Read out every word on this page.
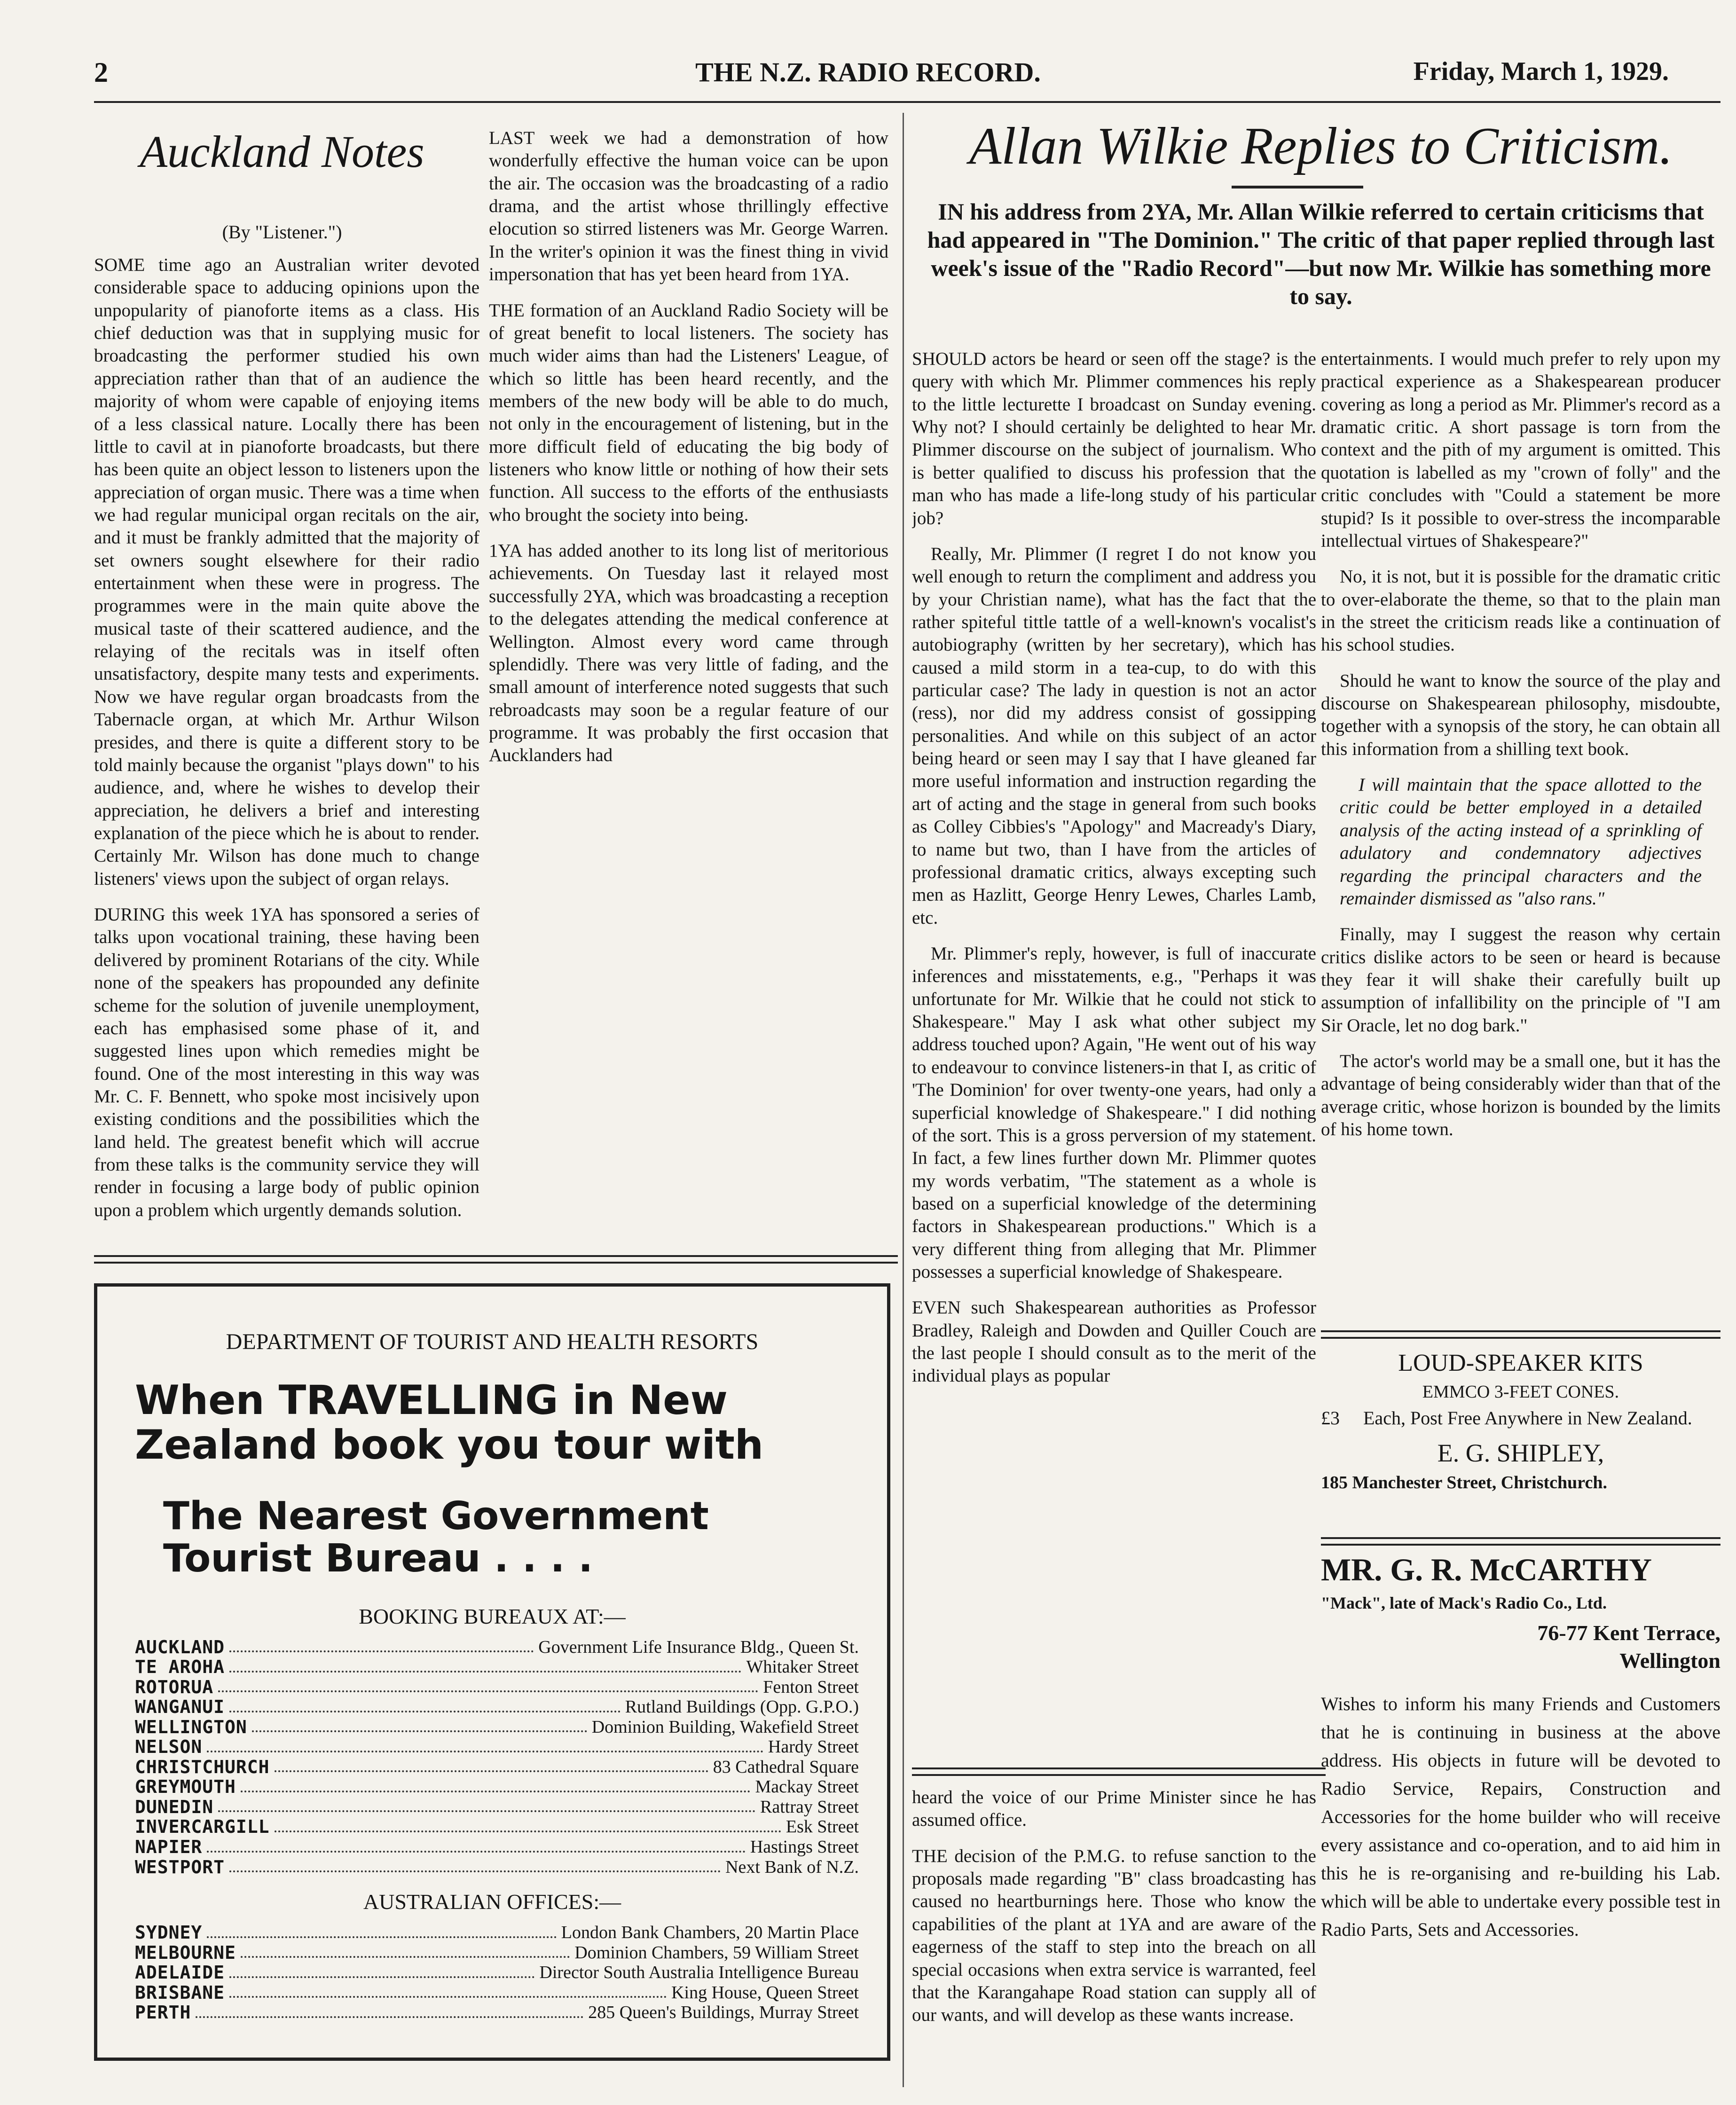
2	THE N.Z. RADIO RECORD.	Friday, March 1, 1929.
Auckland Notes
(By "Listener.")

SOME time ago an Australian writer devoted considerable space to adducing opinions upon the unpopularity of pianoforte items as a class. His chief deduction was that in supplying music for broadcasting the performer studied his own appreciation rather than that of an audience the majority of whom were capable of enjoying items of a less classical nature. Locally there has been little to cavil at in pianoforte broadcasts, but there has been quite an object lesson to listeners upon the appreciation of organ music. There was a time when we had regular municipal organ recitals on the air, and it must be frankly admitted that the majority of set owners sought elsewhere for their radio entertainment when these were in progress. The programmes were in the main quite above the musical taste of their scattered audience, and the relaying of the recitals was in itself often unsatisfactory, despite many tests and experiments. Now we have regular organ broadcasts from the Tabernacle organ, at which Mr. Arthur Wilson presides, and there is quite a different story to be told mainly because the organist "plays down" to his audience, and, where he wishes to develop their appreciation, he delivers a brief and interesting explanation of the piece which he is about to render. Certainly Mr. Wilson has done much to change listeners' views upon the subject of organ relays.

DURING this week 1YA has sponsored a series of talks upon vocational training, these having been delivered by prominent Rotarians of the city. While none of the speakers has propounded any definite scheme for the solution of juvenile unemployment, each has emphasised some phase of it, and suggested lines upon which remedies might be found. One of the most interesting in this way was Mr. C. F. Bennett, who spoke most incisively upon existing conditions and the possibilities which the land held. The greatest benefit which will accrue from these talks is the community service they will render in focusing a large body of public opinion upon a problem which urgently demands solution.

LAST week we had a demonstration of how wonderfully effective the human voice can be upon the air. The occasion was the broadcasting of a radio drama, and the artist whose thrillingly effective elocution so stirred listeners was Mr. George Warren. In the writer's opinion it was the finest thing in vivid impersonation that has yet been heard from 1YA.

THE formation of an Auckland Radio Society will be of great benefit to local listeners. The society has much wider aims than had the Listeners' League, of which so little has been heard recently, and the members of the new body will be able to do much, not only in the encouragement of listening, but in the more difficult field of educating the big body of listeners who know little or nothing of how their sets function. All success to the efforts of the enthusiasts who brought the society into being.

1YA has added another to its long list of meritorious achievements. On Tuesday last it relayed most successfully 2YA, which was broadcasting a reception to the delegates attending the medical conference at Wellington. Almost every word came through splendidly. There was very little of fading, and the small amount of interference noted suggests that such rebroadcasts may soon be a regular feature of our programme. It was probably the first occasion that Aucklanders had

Allan Wilkie Replies to Criticism.
IN his address from 2YA, Mr. Allan Wilkie referred to certain criticisms that had appeared in "The Dominion." The critic of that paper replied through last week's issue of the "Radio Record"—but now Mr. Wilkie has something more to say.

SHOULD actors be heard or seen off the stage? is the query with which Mr. Plimmer commences his reply to the little lecturette I broadcast on Sunday evening. Why not? I should certainly be delighted to hear Mr. Plimmer discourse on the subject of journalism. Who is better qualified to discuss his profession that the man who has made a life-long study of his particular job?

Really, Mr. Plimmer (I regret I do not know you well enough to return the compliment and address you by your Christian name), what has the fact that the rather spiteful tittle tattle of a well-known's vocalist's autobiography (written by her secretary), which has caused a mild storm in a tea-cup, to do with this particular case? The lady in question is not an actor (ress), nor did my address consist of gossipping personalities. And while on this subject of an actor being heard or seen may I say that I have gleaned far more useful information and instruction regarding the art of acting and the stage in general from such books as Colley Cibbies's "Apology" and Macready's Diary, to name but two, than I have from the articles of professional dramatic critics, always excepting such men as Hazlitt, George Henry Lewes, Charles Lamb, etc.

Mr. Plimmer's reply, however, is full of inaccurate inferences and misstatements, e.g., "Perhaps it was unfortunate for Mr. Wilkie that he could not stick to Shakespeare." May I ask what other subject my address touched upon? Again, "He went out of his way to endeavour to convince listeners-in that I, as critic of 'The Dominion' for over twenty-one years, had only a superficial knowledge of Shakespeare." I did nothing of the sort. This is a gross perversion of my statement. In fact, a few lines further down Mr. Plimmer quotes my words verbatim, "The statement as a whole is based on a superficial knowledge of the determining factors in Shakespearean productions." Which is a very different thing from alleging that Mr. Plimmer possesses a superficial knowledge of Shakespeare.

EVEN such Shakespearean authorities as Professor Bradley, Raleigh and Dowden and Quiller Couch are the last people I should consult as to the merit of the individual plays as popular

entertainments. I would much prefer to rely upon my practical experience as a Shakespearean producer covering as long a period as Mr. Plimmer's record as a dramatic critic. A short passage is torn from the context and the pith of my argument is omitted. This quotation is labelled as my "crown of folly" and the critic concludes with "Could a statement be more stupid? Is it possible to over-stress the incomparable intellectual virtues of Shakespeare?"

No, it is not, but it is possible for the dramatic critic to over-elaborate the theme, so that to the plain man in the street the criticism reads like a continuation of his school studies.

Should he want to know the source of the play and discourse on Shakespearean philosophy, misdoubte, together with a synopsis of the story, he can obtain all this information from a shilling text book.

I will maintain that the space allotted to the critic could be better employed in a detailed analysis of the acting instead of a sprinkling of adulatory and condemnatory adjectives regarding the principal characters and the remainder dismissed as "also rans."

Finally, may I suggest the reason why certain critics dislike actors to be seen or heard is because they fear it will shake their carefully built up assumption of infallibility on the principle of "I am Sir Oracle, let no dog bark."

The actor's world may be a small one, but it has the advantage of being considerably wider than that of the average critic, whose horizon is bounded by the limits of his home town.

DEPARTMENT OF TOURIST AND HEALTH RESORTS
When TRAVELLING in New Zealand book you tour with
The Nearest Government Tourist Bureau . . . .
BOOKING BUREAUX AT:—
AUCKLAND	Government Life Insurance Bldg., Queen St.
TE AROHA	Whitaker Street
ROTORUA	Fenton Street
WANGANUI	Rutland Buildings (Opp. G.P.O.)
WELLINGTON	Dominion Building, Wakefield Street
NELSON	Hardy Street
CHRISTCHURCH	83 Cathedral Square
GREYMOUTH	Mackay Street
DUNEDIN	Rattray Street
INVERCARGILL	Esk Street
NAPIER	Hastings Street
WESTPORT	Next Bank of N.Z.
AUSTRALIAN OFFICES:—
SYDNEY	London Bank Chambers, 20 Martin Place
MELBOURNE	Dominion Chambers, 59 William Street
ADELAIDE	Director South Australia Intelligence Bureau
BRISBANE	King House, Queen Street
PERTH	285 Queen's Buildings, Murray Street

heard the voice of our Prime Minister since he has assumed office.

THE decision of the P.M.G. to refuse sanction to the proposals made regarding "B" class broadcasting has caused no heartburnings here. Those who know the capabilities of the plant at 1YA and are aware of the eagerness of the staff to step into the breach on all special occasions when extra service is warranted, feel that the Karangahape Road station can supply all of our wants, and will develop as these wants increase.

LOUD-SPEAKER KITS
EMMCO 3-FEET CONES.
£3	Each, Post Free Anywhere in New Zealand.
E. G. SHIPLEY,
185 Manchester Street, Christchurch.
MR. G. R. McCARTHY
"Mack", late of Mack's Radio Co., Ltd.
76-77 Kent Terrace,
Wellington
Wishes to inform his many Friends and Customers that he is continuing in business at the above address. His objects in future will be devoted to Radio Service, Repairs, Construction and Accessories for the home builder who will receive every assistance and co-operation, and to aid him in this he is re-organising and re-building his Lab. which will be able to undertake every possible test in Radio Parts, Sets and Accessories.
